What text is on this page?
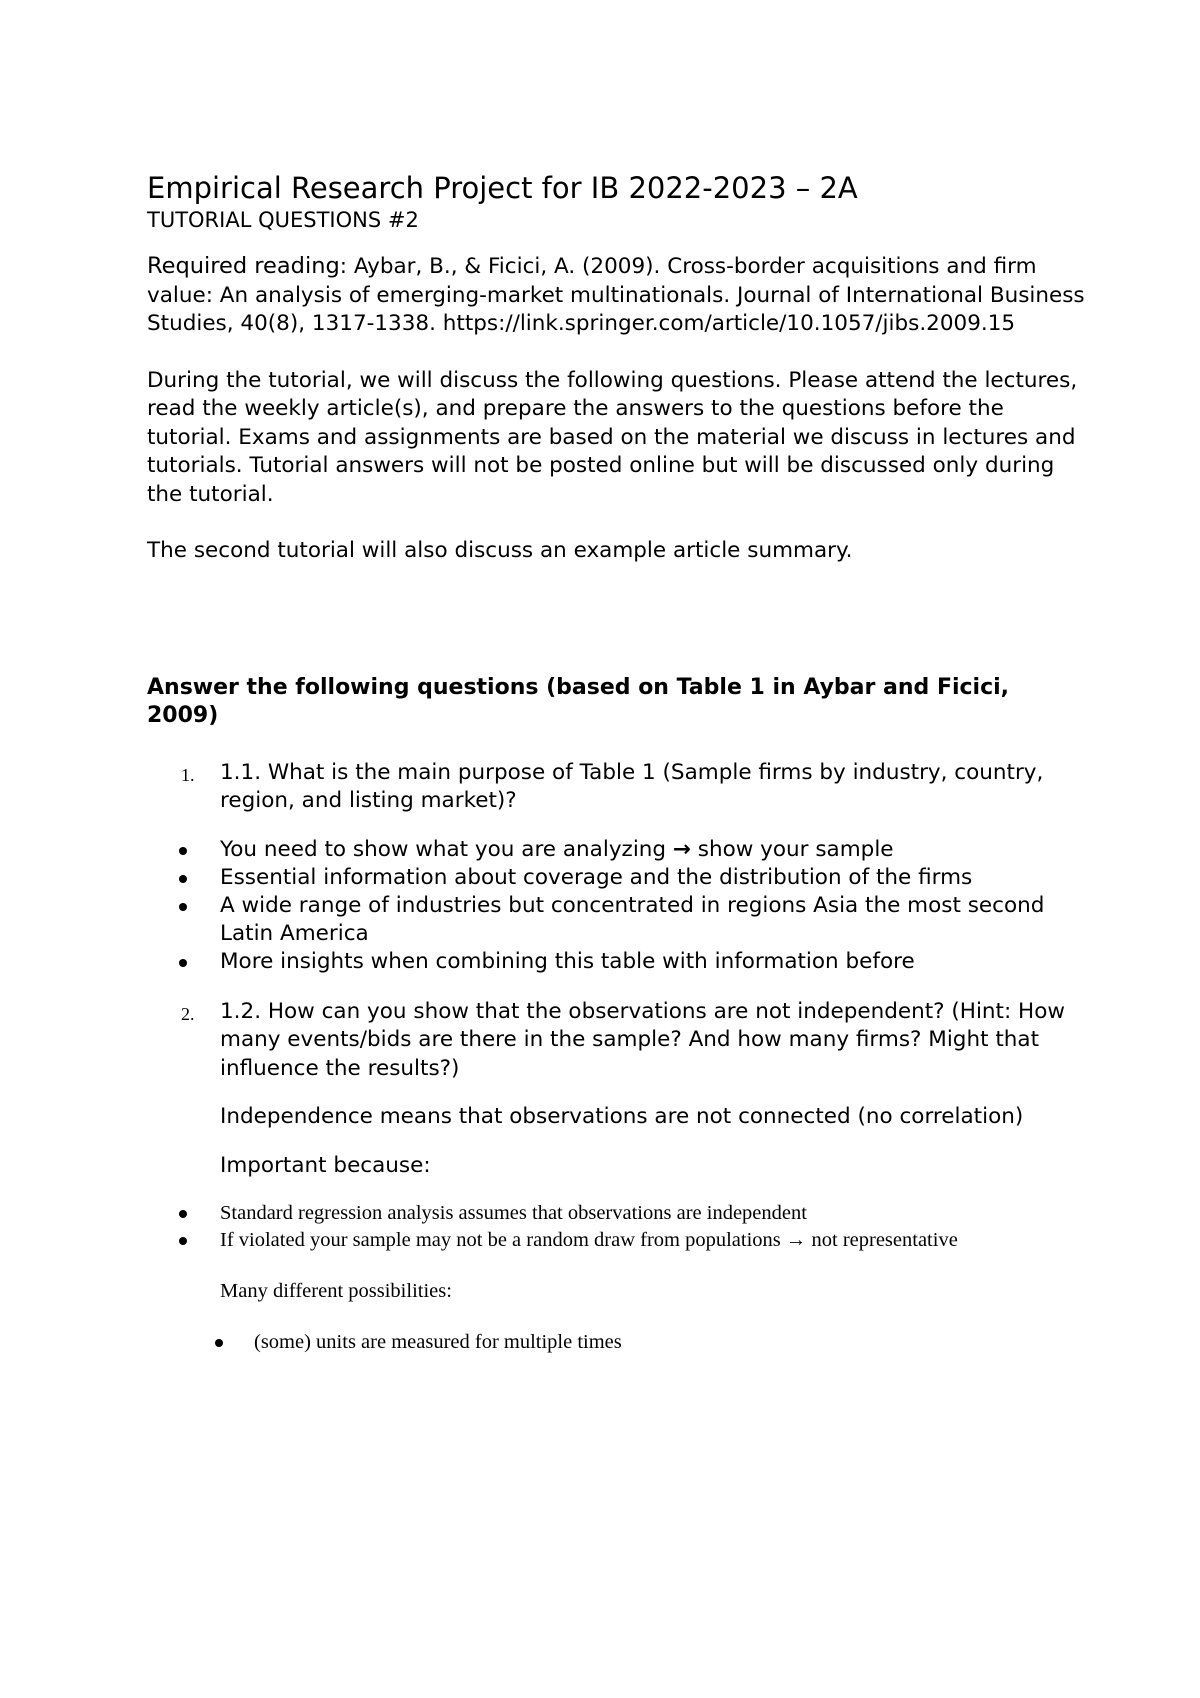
Empirical Research Project for IB 2022-2023 – 2A
TUTORIAL QUESTIONS #2

Required reading: Aybar, B., & Ficici, A. (2009). Cross-border acquisitions and firm value: An analysis of emerging-market multinationals. Journal of International Business Studies, 40(8), 1317-1338. https://link.springer.com/article/10.1057/jibs.2009.15

During the tutorial, we will discuss the following questions. Please attend the lectures, read the weekly article(s), and prepare the answers to the questions before the tutorial. Exams and assignments are based on the material we discuss in lectures and tutorials. Tutorial answers will not be posted online but will be discussed only during the tutorial.

The second tutorial will also discuss an example article summary.

Answer the following questions (based on Table 1 in Aybar and Ficici, 2009)

1. 1.1. What is the main purpose of Table 1 (Sample firms by industry, country, region, and listing market)?

You need to show what you are analyzing → show your sample
Essential information about coverage and the distribution of the firms
A wide range of industries but concentrated in regions Asia the most second Latin America
More insights when combining this table with information before
2. 1.2. How can you show that the observations are not independent? (Hint: How many events/bids are there in the sample? And how many firms? Might that influence the results?)

Independence means that observations are not connected (no correlation)

Important because:

Standard regression analysis assumes that observations are independent
If violated your sample may not be a random draw from populations → not representative

Many different possibilities:

(some) units are measured for multiple times
